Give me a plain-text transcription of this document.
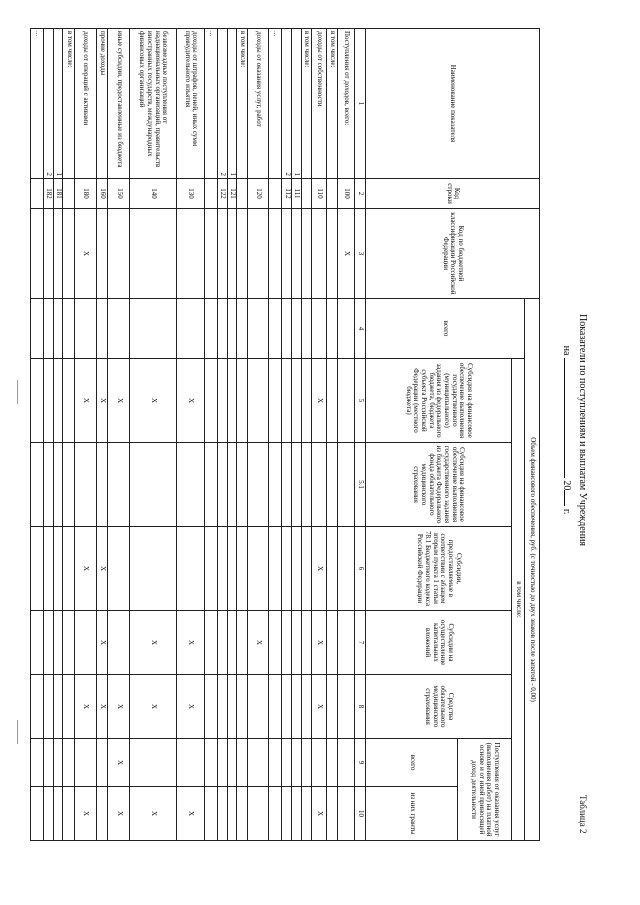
Таблица 2
Показатели по поступлениям и выплатам Учреждения
на  20 г.
Наименование показателя	Код строки	Код по бюджетной классификации Российской Федерации	Объем финансового обеспечения, руб. (с точностью до двух знаков после запятой - 0,00)							
			всего	в том числе:						
				Субсидия на финансовое обеспечение выполнения государственного (муниципального) задания из федерального бюджета, бюджета субъекта Российской Федерации (местного бюджета)	Субсидия на финансовое обеспечение выполнения государственного задания из бюджета Федерального фонда обязательного медицинского страхования	Субсидии, предоставляемые в соответствии с абзацем вторым пункта 1 статьи 78.1 Бюджетного кодекса Российской Федерации	Субсидии на осуществление капитальных вложений	Средства обязательного медицинского страхования	Поступления от оказания услуг (выполнения работ) на платной основе и от иной приносящей доход деятельности	
									всего	из них гранты
1	2	3	4	5	5.1	6	7	8	9	10
Поступления от доходов, всего:	100	X								
в том числе:										
доходы от собственности	110			X		X	X	X		X
в том числе:										
1	111									
2	112									
...										
доходы от оказания услуг, работ	120						X			
в том числе:										
1	121									
2	122									
...										
доходы от штрафов, пеней, иных сумм принудительного изъятия	130			X			X	X		X
безвозмездные поступления от наднациональных организаций, правительств иностранных государств, международных финансовых организаций	140			X			X	X		X
иные субсидии, предоставленные из бюджета	150			X				X	X	X
прочие доходы	160			X		X	X	X		
доходы от операций с активами	180	X		X		X		X		X
в том числе:										
1	181									
2	182									
...										
